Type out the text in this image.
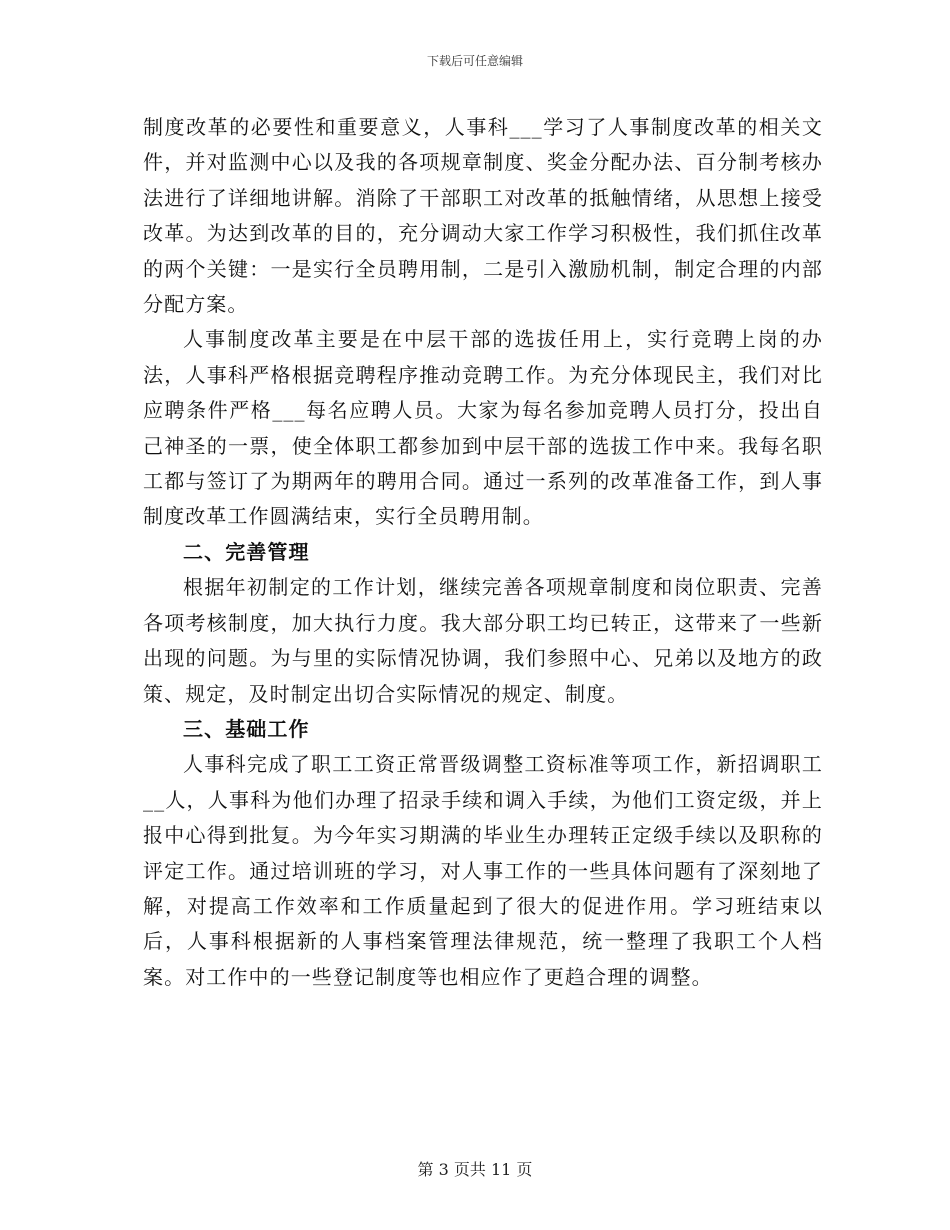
下载后可任意编辑

制度改革的必要性和重要意义，人事科___学习了人事制度改革的相关文件，并对监测中心以及我的各项规章制度、奖金分配办法、百分制考核办法进行了详细地讲解。消除了干部职工对改革的抵触情绪，从思想上接受改革。为达到改革的目的，充分调动大家工作学习积极性，我们抓住改革的两个关键：一是实行全员聘用制，二是引入激励机制，制定合理的内部分配方案。

人事制度改革主要是在中层干部的选拔任用上，实行竞聘上岗的办法，人事科严格根据竞聘程序推动竞聘工作。为充分体现民主，我们对比应聘条件严格___每名应聘人员。大家为每名参加竞聘人员打分，投出自己神圣的一票，使全体职工都参加到中层干部的选拔工作中来。我每名职工都与签订了为期两年的聘用合同。通过一系列的改革准备工作，到人事制度改革工作圆满结束，实行全员聘用制。

二、完善管理

根据年初制定的工作计划，继续完善各项规章制度和岗位职责、完善各项考核制度，加大执行力度。我大部分职工均已转正，这带来了一些新出现的问题。为与里的实际情况协调，我们参照中心、兄弟以及地方的政策、规定，及时制定出切合实际情况的规定、制度。

三、基础工作

人事科完成了职工工资正常晋级调整工资标准等项工作，新招调职工__人，人事科为他们办理了招录手续和调入手续，为他们工资定级，并上报中心得到批复。为今年实习期满的毕业生办理转正定级手续以及职称的评定工作。通过培训班的学习，对人事工作的一些具体问题有了深刻地了解，对提高工作效率和工作质量起到了很大的促进作用。学习班结束以后，人事科根据新的人事档案管理法律规范，统一整理了我职工个人档案。对工作中的一些登记制度等也相应作了更趋合理的调整。

第 3 页共 11 页
